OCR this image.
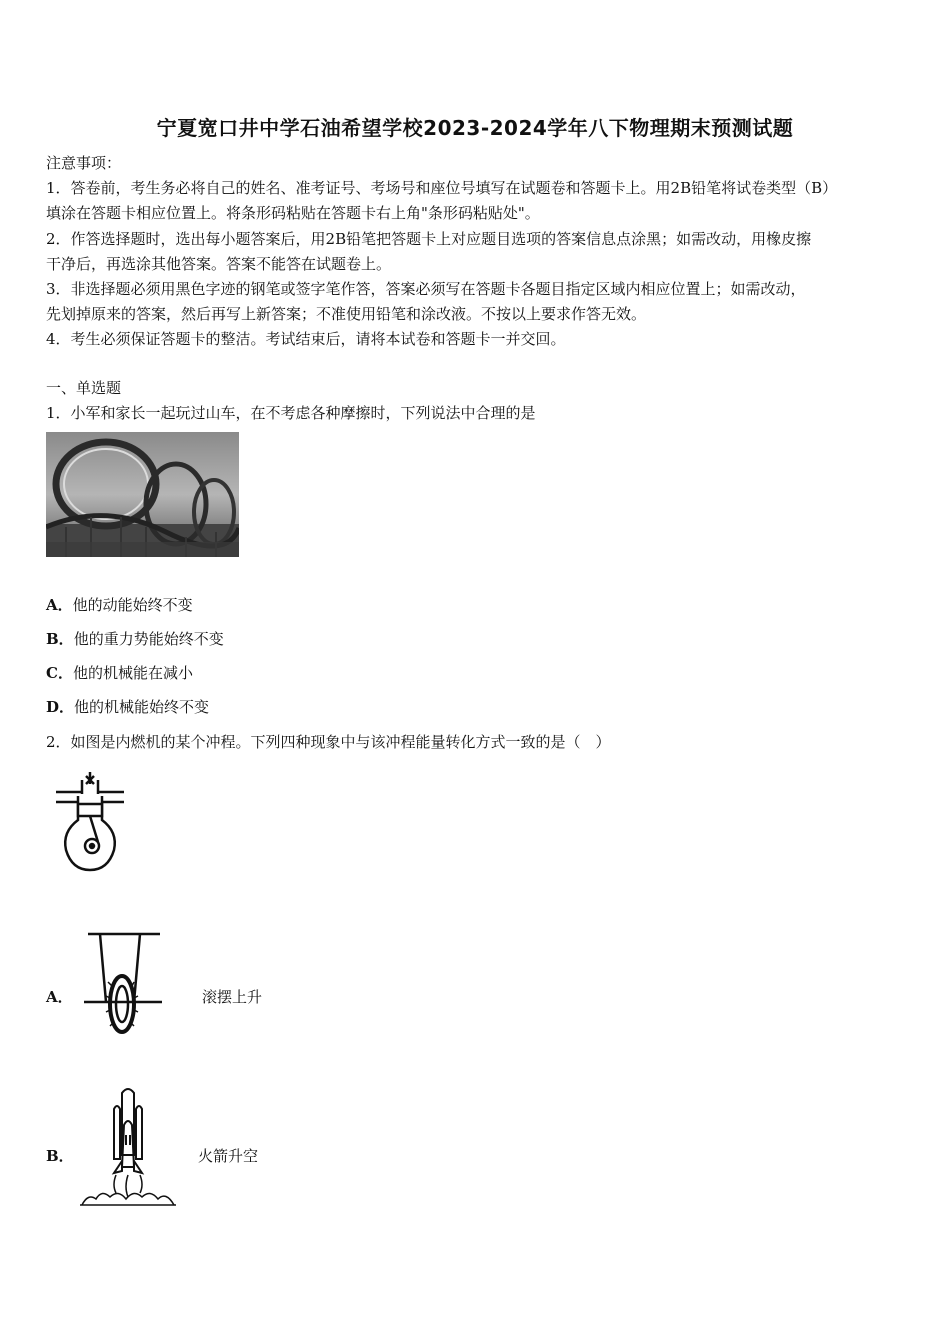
宁夏宽口井中学石油希望学校2023-2024学年八下物理期末预测试题
注意事项：
1．答卷前，考生务必将自己的姓名、准考证号、考场号和座位号填写在试题卷和答题卡上。用2B铅笔将试卷类型（B）
填涂在答题卡相应位置上。将条形码粘贴在答题卡右上角"条形码粘贴处"。
2．作答选择题时，选出每小题答案后，用2B铅笔把答题卡上对应题目选项的答案信息点涂黑；如需改动，用橡皮擦
干净后，再选涂其他答案。答案不能答在试题卷上。
3．非选择题必须用黑色字迹的钢笔或签字笔作答，答案必须写在答题卡各题目指定区域内相应位置上；如需改动，
先划掉原来的答案，然后再写上新答案；不准使用铅笔和涂改液。不按以上要求作答无效。
4．考生必须保证答题卡的整洁。考试结束后，请将本试卷和答题卡一并交回。
一、单选题
1．小军和家长一起玩过山车，在不考虑各种摩擦时，下列说法中合理的是
A．他的动能始终不变
B．他的重力势能始终不变
C．他的机械能在减小
D．他的机械能始终不变
2．如图是内燃机的某个冲程。下列四种现象中与该冲程能量转化方式一致的是（　）
A．	滚摆上升
B．	火箭升空
